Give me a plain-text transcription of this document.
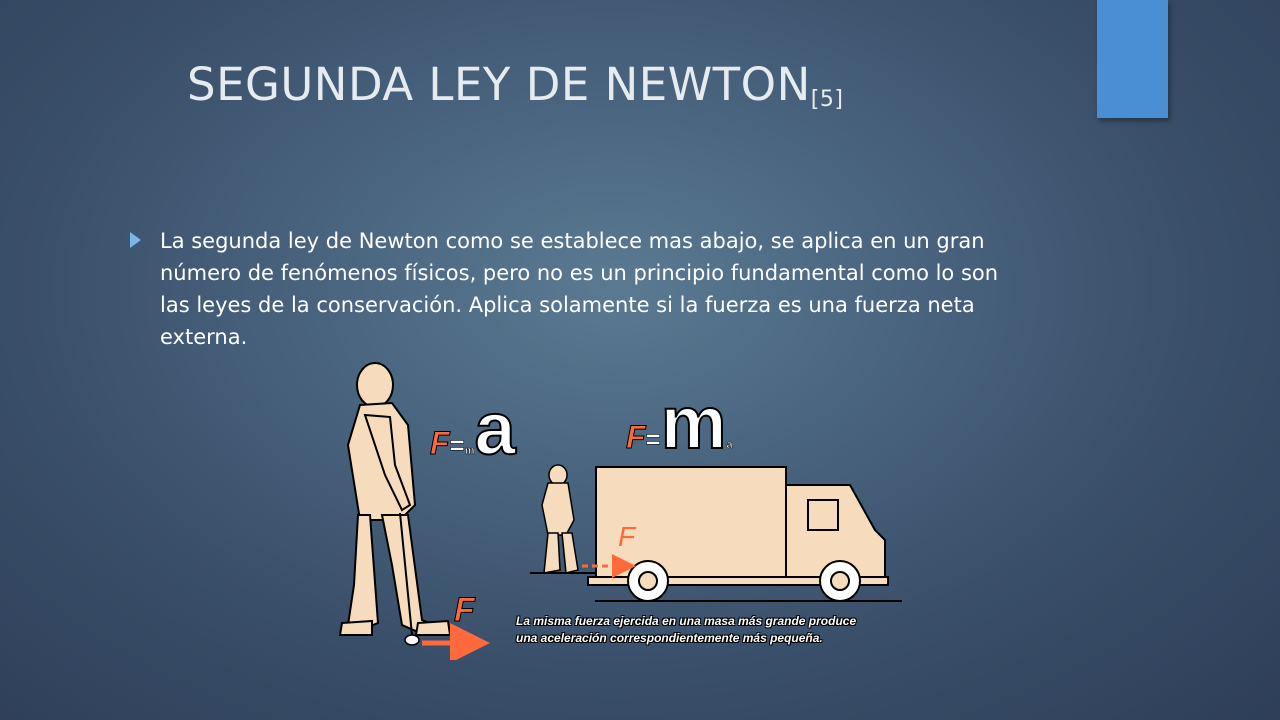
SEGUNDA LEY DE $NEWTON_{[5]}$

La segunda ley de Newton como se establece mas abajo, se aplica en un gran número de fenómenos físicos, pero no es un principio fundamental como lo son las leyes de la conservación. Aplica solamente si la fuerza es una fuerza neta externa.

F=ma	F=ma
F
F	La misma fuerza ejercida en una masa más grande produce
una aceleración correspondientemente más pequeña.
